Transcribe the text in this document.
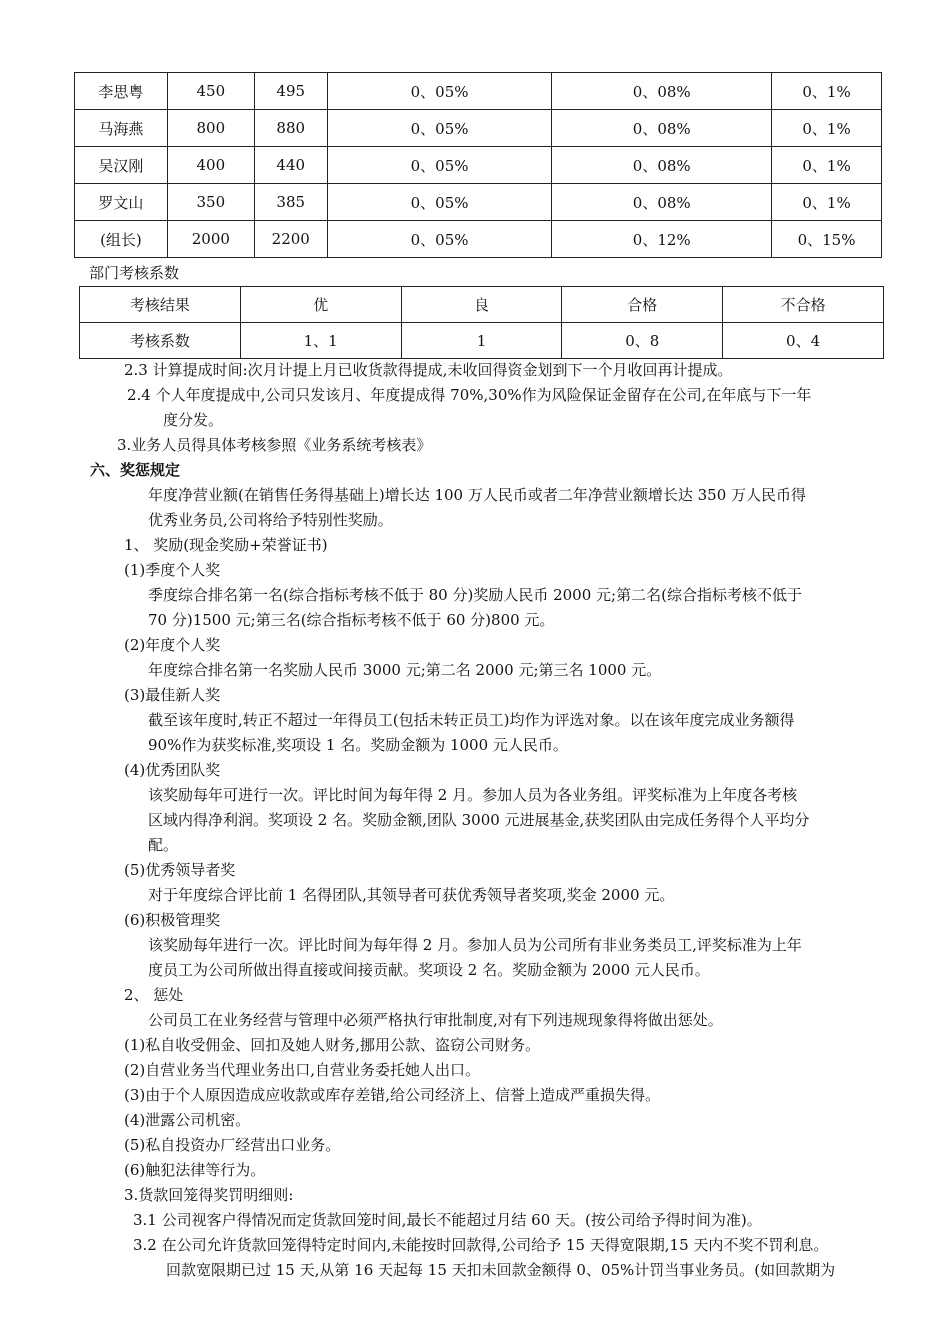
李思粤	450	495	0、05%	0、08%	0、1%
马海燕	800	880	0、05%	0、08%	0、1%
吴汉刚	400	440	0、05%	0、08%	0、1%
罗文山	350	385	0、05%	0、08%	0、1%
(组长)	2000	2200	0、05%	0、12%	0、15%
部门考核系数
考核结果	优	良	合格	不合格
考核系数	1、1	1	0、8	0、4
2.3 计算提成时间:次月计提上月已收货款得提成,未收回得资金划到下一个月收回再计提成。
2.4 个人年度提成中,公司只发该月、年度提成得 70%,30%作为风险保证金留存在公司,在年底与下一年
度分发。
3.业务人员得具体考核参照《业务系统考核表》
六、奖惩规定
年度净营业额(在销售任务得基础上)增长达 100 万人民币或者二年净营业额增长达 350 万人民币得
优秀业务员,公司将给予特别性奖励。
1、 奖励(现金奖励+荣誉证书)
(1)季度个人奖
季度综合排名第一名(综合指标考核不低于 80 分)奖励人民币 2000 元;第二名(综合指标考核不低于
70 分)1500 元;第三名(综合指标考核不低于 60 分)800 元。
(2)年度个人奖
年度综合排名第一名奖励人民币 3000 元;第二名 2000 元;第三名 1000 元。
(3)最佳新人奖
截至该年度时,转正不超过一年得员工(包括未转正员工)均作为评选对象。以在该年度完成业务额得
90%作为获奖标准,奖项设 1 名。奖励金额为 1000 元人民币。
(4)优秀团队奖
该奖励每年可进行一次。评比时间为每年得 2 月。参加人员为各业务组。评奖标准为上年度各考核
区域内得净利润。奖项设 2 名。奖励金额,团队 3000 元进展基金,获奖团队由完成任务得个人平均分
配。
(5)优秀领导者奖
对于年度综合评比前 1 名得团队,其领导者可获优秀领导者奖项,奖金 2000 元。
(6)积极管理奖
该奖励每年进行一次。评比时间为每年得 2 月。参加人员为公司所有非业务类员工,评奖标准为上年
度员工为公司所做出得直接或间接贡献。奖项设 2 名。奖励金额为 2000 元人民币。
2、 惩处
公司员工在业务经营与管理中必须严格执行审批制度,对有下列违规现象得将做出惩处。
(1)私自收受佣金、回扣及她人财务,挪用公款、盗窃公司财务。
(2)自营业务当代理业务出口,自营业务委托她人出口。
(3)由于个人原因造成应收款或库存差错,给公司经济上、信誉上造成严重损失得。
(4)泄露公司机密。
(5)私自投资办厂经营出口业务。
(6)触犯法律等行为。
3.货款回笼得奖罚明细则:
3.1 公司视客户得情况而定货款回笼时间,最长不能超过月结 60 天。(按公司给予得时间为准)。
3.2 在公司允许货款回笼得特定时间内,未能按时回款得,公司给予 15 天得宽限期,15 天内不奖不罚利息。
回款宽限期已过 15 天,从第 16 天起每 15 天扣未回款金额得 0、05%计罚当事业务员。(如回款期为
